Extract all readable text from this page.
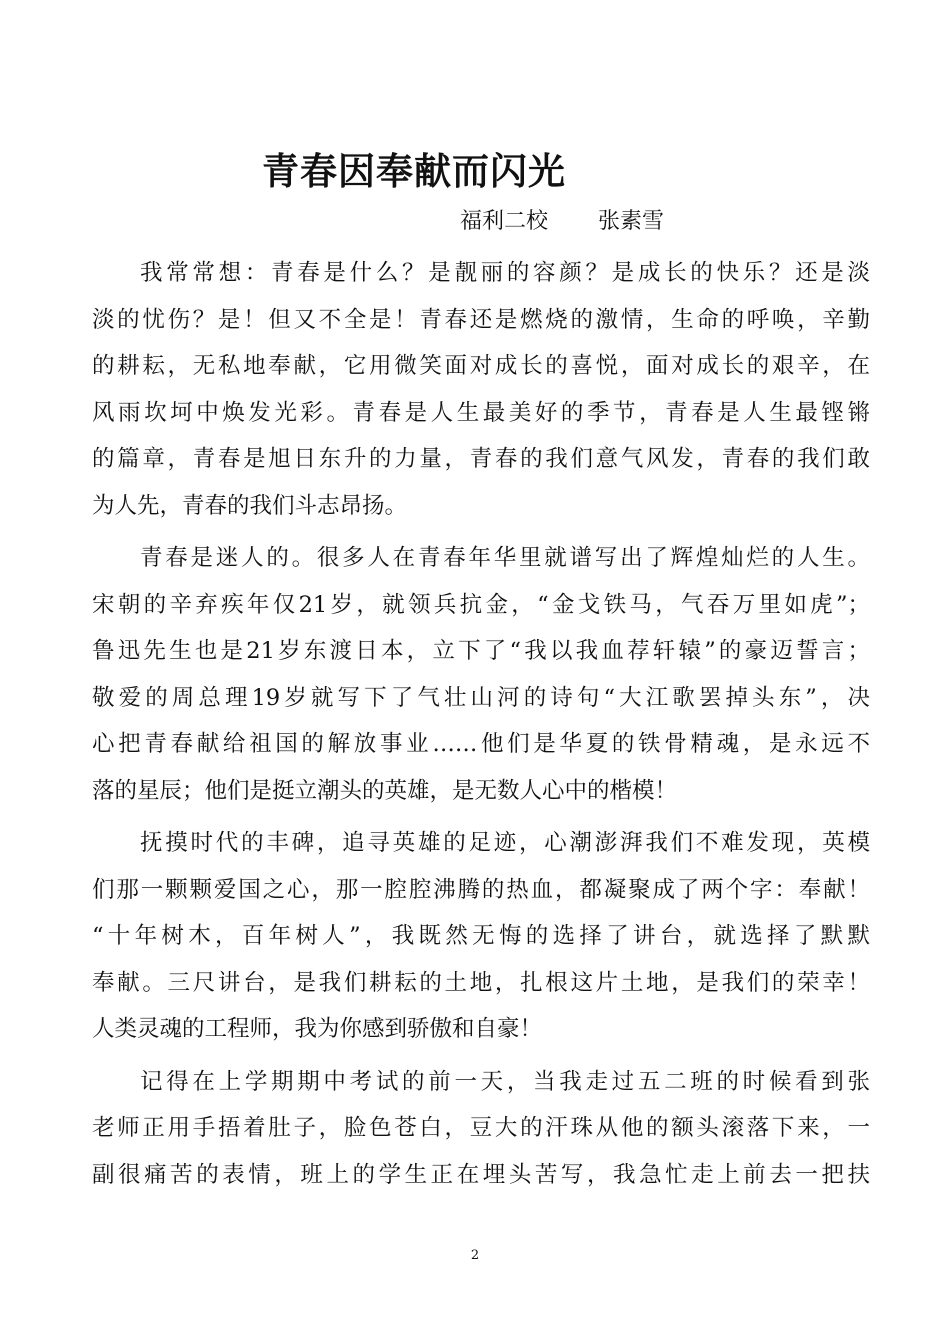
青春因奉献而闪光
福利二校 张素雪
我常常想：青春是什么？是靓丽的容颜？是成长的快乐？还是淡
淡的忧伤？是！但又不全是！青春还是燃烧的激情，生命的呼唤，辛勤
的耕耘，无私地奉献，它用微笑面对成长的喜悦，面对成长的艰辛，在
风雨坎坷中焕发光彩。青春是人生最美好的季节，青春是人生最铿锵
的篇章，青春是旭日东升的力量，青春的我们意气风发，青春的我们敢
为人先，青春的我们斗志昂扬。
青春是迷人的。很多人在青春年华里就谱写出了辉煌灿烂的人生。
宋朝的辛弃疾年仅21岁，就领兵抗金，“金戈铁马，气吞万里如虎”；
鲁迅先生也是21岁东渡日本，立下了“我以我血荐轩辕”的豪迈誓言；
敬爱的周总理19岁就写下了气壮山河的诗句“大江歌罢掉头东”，决
心把青春献给祖国的解放事业……他们是华夏的铁骨精魂，是永远不
落的星辰；他们是挺立潮头的英雄，是无数人心中的楷模！
抚摸时代的丰碑，追寻英雄的足迹，心潮澎湃我们不难发现，英模
们那一颗颗爱国之心，那一腔腔沸腾的热血，都凝聚成了两个字：奉献！
“十年树木，百年树人”，我既然无悔的选择了讲台，就选择了默默
奉献。三尺讲台，是我们耕耘的土地，扎根这片土地，是我们的荣幸！
人类灵魂的工程师，我为你感到骄傲和自豪！
记得在上学期期中考试的前一天，当我走过五二班的时候看到张
老师正用手捂着肚子，脸色苍白，豆大的汗珠从他的额头滚落下来，一
副很痛苦的表情，班上的学生正在埋头苦写，我急忙走上前去一把扶
2
